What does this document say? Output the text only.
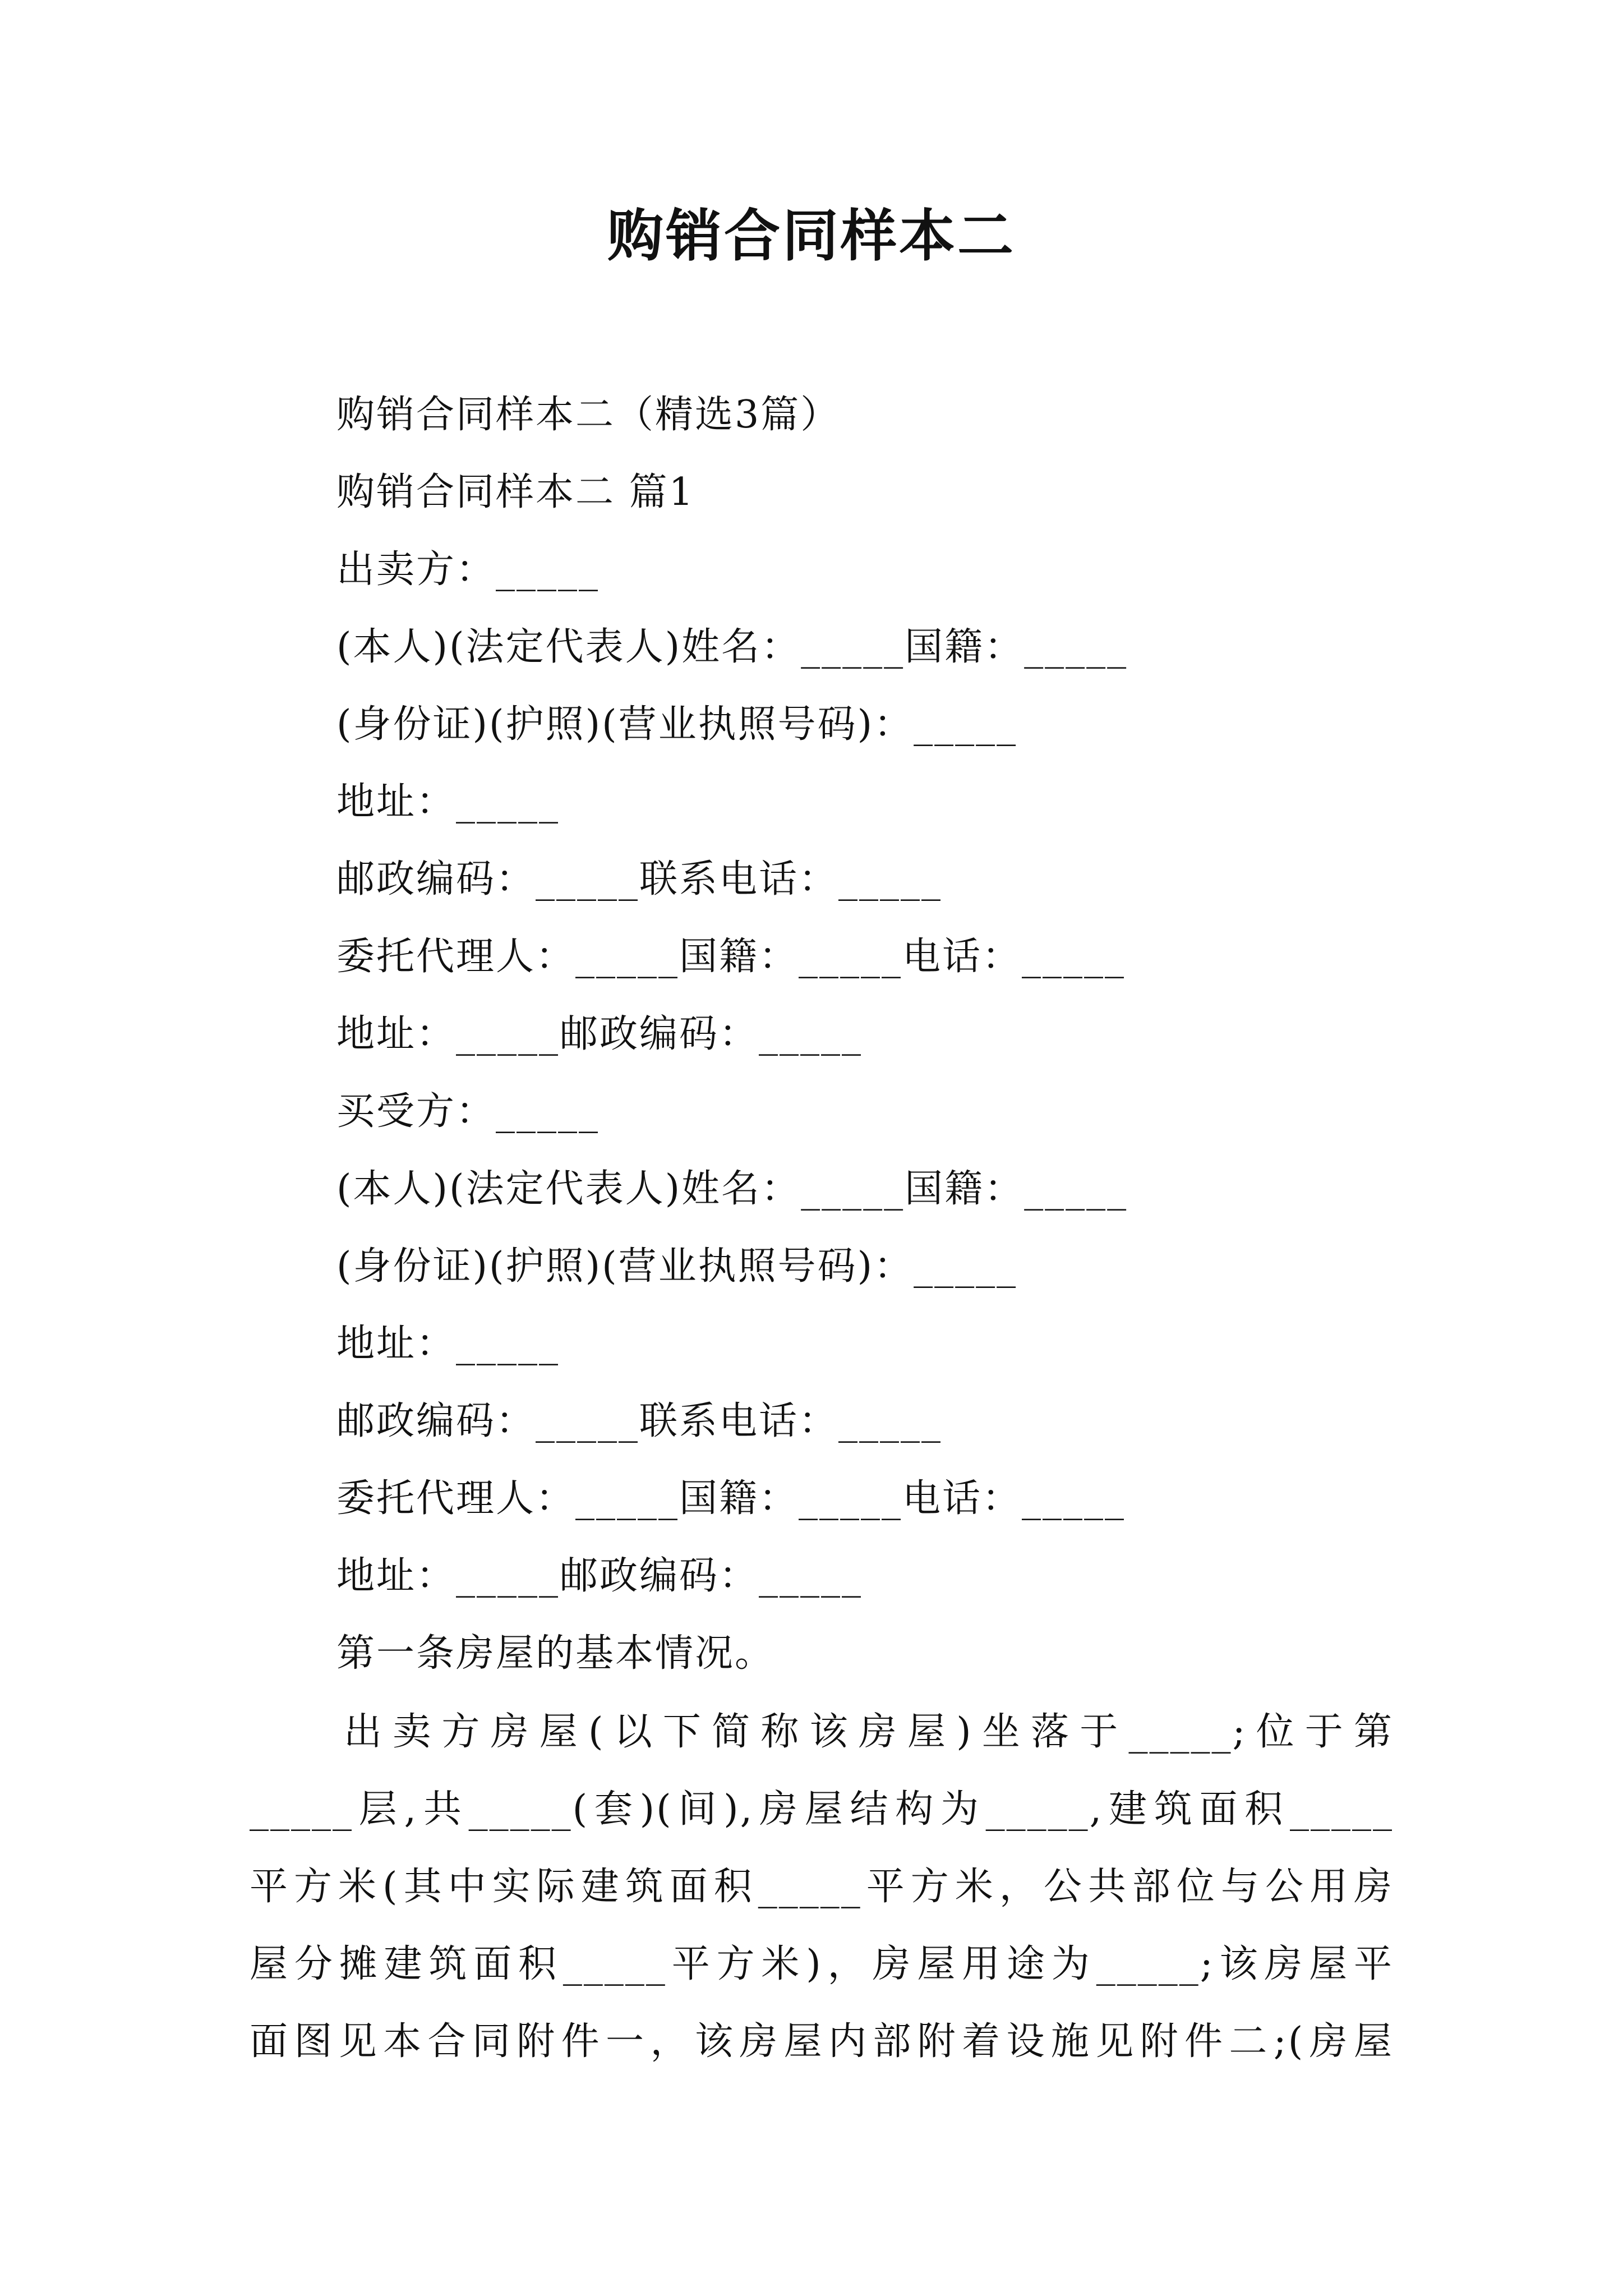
购销合同样本二
购销合同样本二（精选3篇）
购销合同样本二 篇1
出卖方：_____
(本人)(法定代表人)姓名：_____国籍：_____
(身份证)(护照)(营业执照号码)：_____
地址：_____
邮政编码：_____联系电话：_____
委托代理人：_____国籍：_____电话：_____
地址：_____邮政编码：_____
买受方：_____
(本人)(法定代表人)姓名：_____国籍：_____
(身份证)(护照)(营业执照号码)：_____
地址：_____
邮政编码：_____联系电话：_____
委托代理人：_____国籍：_____电话：_____
地址：_____邮政编码：_____
第一条房屋的基本情况。
出卖方房屋(以下简称该房屋)坐落于_____;位于第
_____层,共_____(套)(间),房屋结构为_____,建筑面积_____
平方米(其中实际建筑面积_____平方米，公共部位与公用房
屋分摊建筑面积_____平方米)，房屋用途为_____;该房屋平
面图见本合同附件一，该房屋内部附着设施见附件二;(房屋
